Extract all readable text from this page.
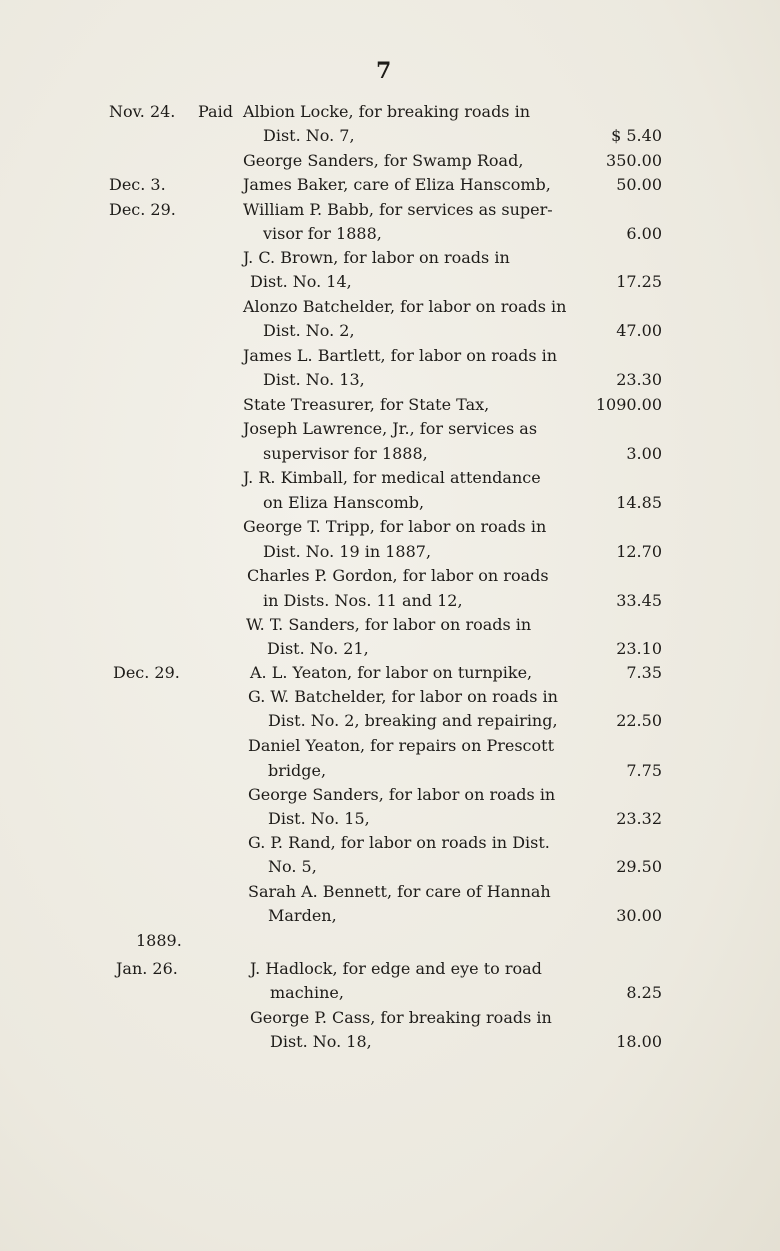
7
Nov. 24. Paid Albion Locke, for breaking roads in
Dist. No. 7,	$ 5.40
George Sanders, for Swamp Road,	350.00
Dec. 3.	James Baker, care of Eliza Hanscomb,	50.00
Dec. 29.	William P. Babb, for services as super-
visor for 1888,	6.00
J. C. Brown, for labor on roads in
Dist. No. 14,	17.25
Alonzo Batchelder, for labor on roads in
Dist. No. 2,	47.00
James L. Bartlett, for labor on roads in
Dist. No. 13,	23.30
State Treasurer, for State Tax,	1090.00
Joseph Lawrence, Jr., for services as
supervisor for 1888,	3.00
J. R. Kimball, for medical attendance
on Eliza Hanscomb,	14.85
George T. Tripp, for labor on roads in
Dist. No. 19 in 1887,	12.70
Charles P. Gordon, for labor on roads
in Dists. Nos. 11 and 12,	33.45
W. T. Sanders, for labor on roads in
Dist. No. 21,	23.10
Dec. 29.	A. L. Yeaton, for labor on turnpike,	7.35
G. W. Batchelder, for labor on roads in
Dist. No. 2, breaking and repairing,	22.50
Daniel Yeaton, for repairs on Prescott
bridge,	7.75
George Sanders, for labor on roads in
Dist. No. 15,	23.32
G. P. Rand, for labor on roads in Dist.
No. 5,	29.50
Sarah A. Bennett, for care of Hannah
Marden,	30.00
1889.
Jan. 26.	J. Hadlock, for edge and eye to road
machine,	8.25
George P. Cass, for breaking roads in
Dist. No. 18,	18.00
